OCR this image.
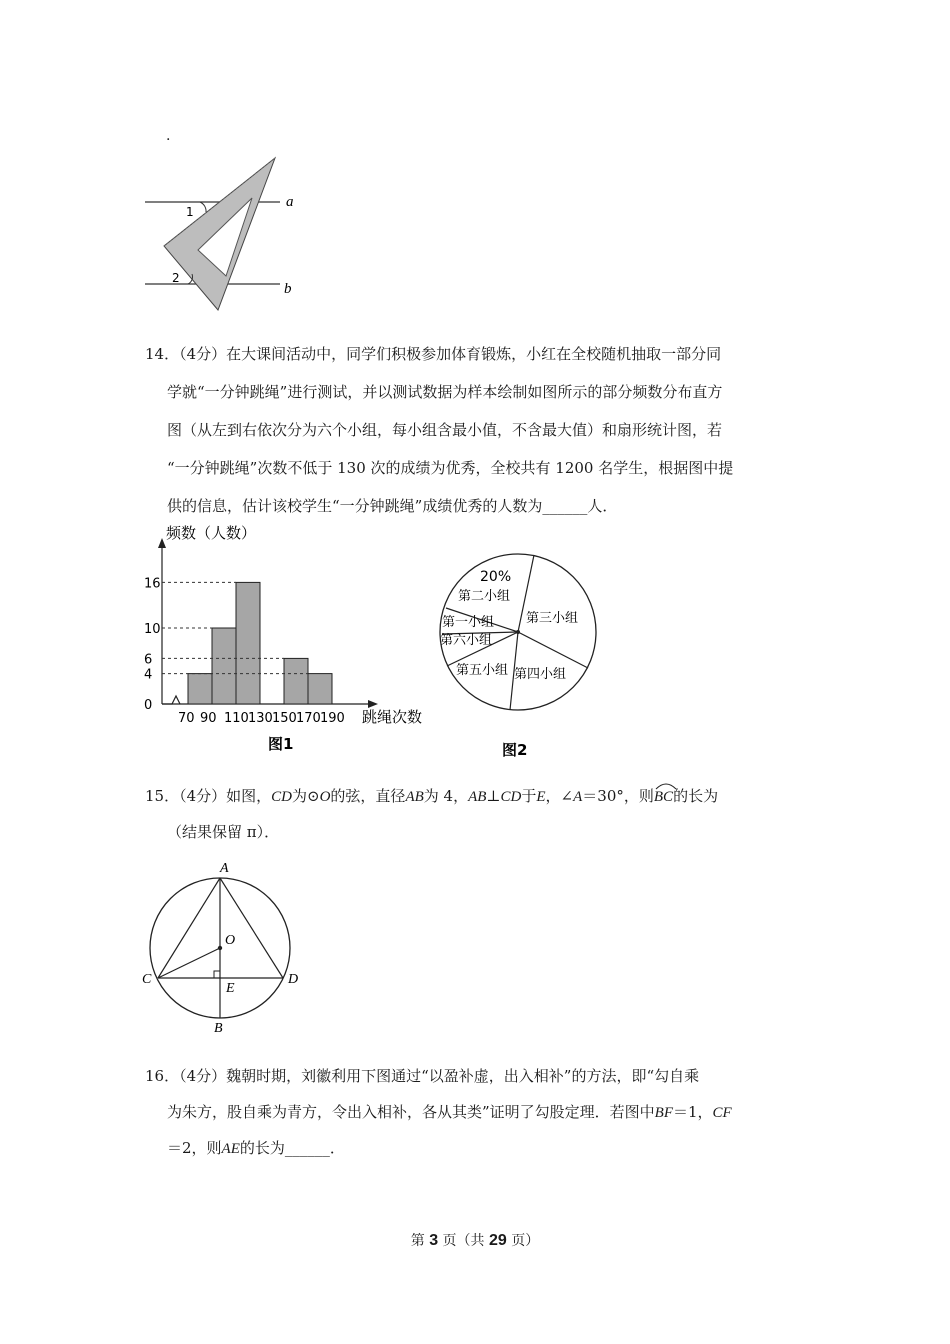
.
1
2
a
b
14．（4分）在大课间活动中，同学们积极参加体育锻炼，小红在全校随机抽取一部分同
学就“一分钟跳绳”进行测试，并以测试数据为样本绘制如图所示的部分频数分布直方
图（从左到右依次分为六个小组，每小组含最小值，不含最大值）和扇形统计图，若
“一分钟跳绳”次数不低于 130 次的成绩为优秀，全校共有 1200 名学生，根据图中提
供的信息，估计该校学生“一分钟跳绳”成绩优秀的人数为______人．
频数（人数）
0
4
6
10
16
70 90 110 130 150 170 190 跳绳次数
图1
20%
第二小组
第三小组
第一小组
第六小组
第五小组 第四小组
图2
15．（4分）如图，CD为⊙O的弦，直径AB为 4，AB⊥CD于E，∠A＝30°，则
BC的长为
（结果保留 π）．
A
O
C	D
E
B
16．（4分）魏朝时期，刘徽利用下图通过“以盈补虚，出入相补”的方法，即“勾自乘
为朱方，股自乘为青方，令出入相补，各从其类”证明了勾股定理．若图中BF＝1，CF
＝2，则AE的长为______．
第 3 页（共 29 页）
